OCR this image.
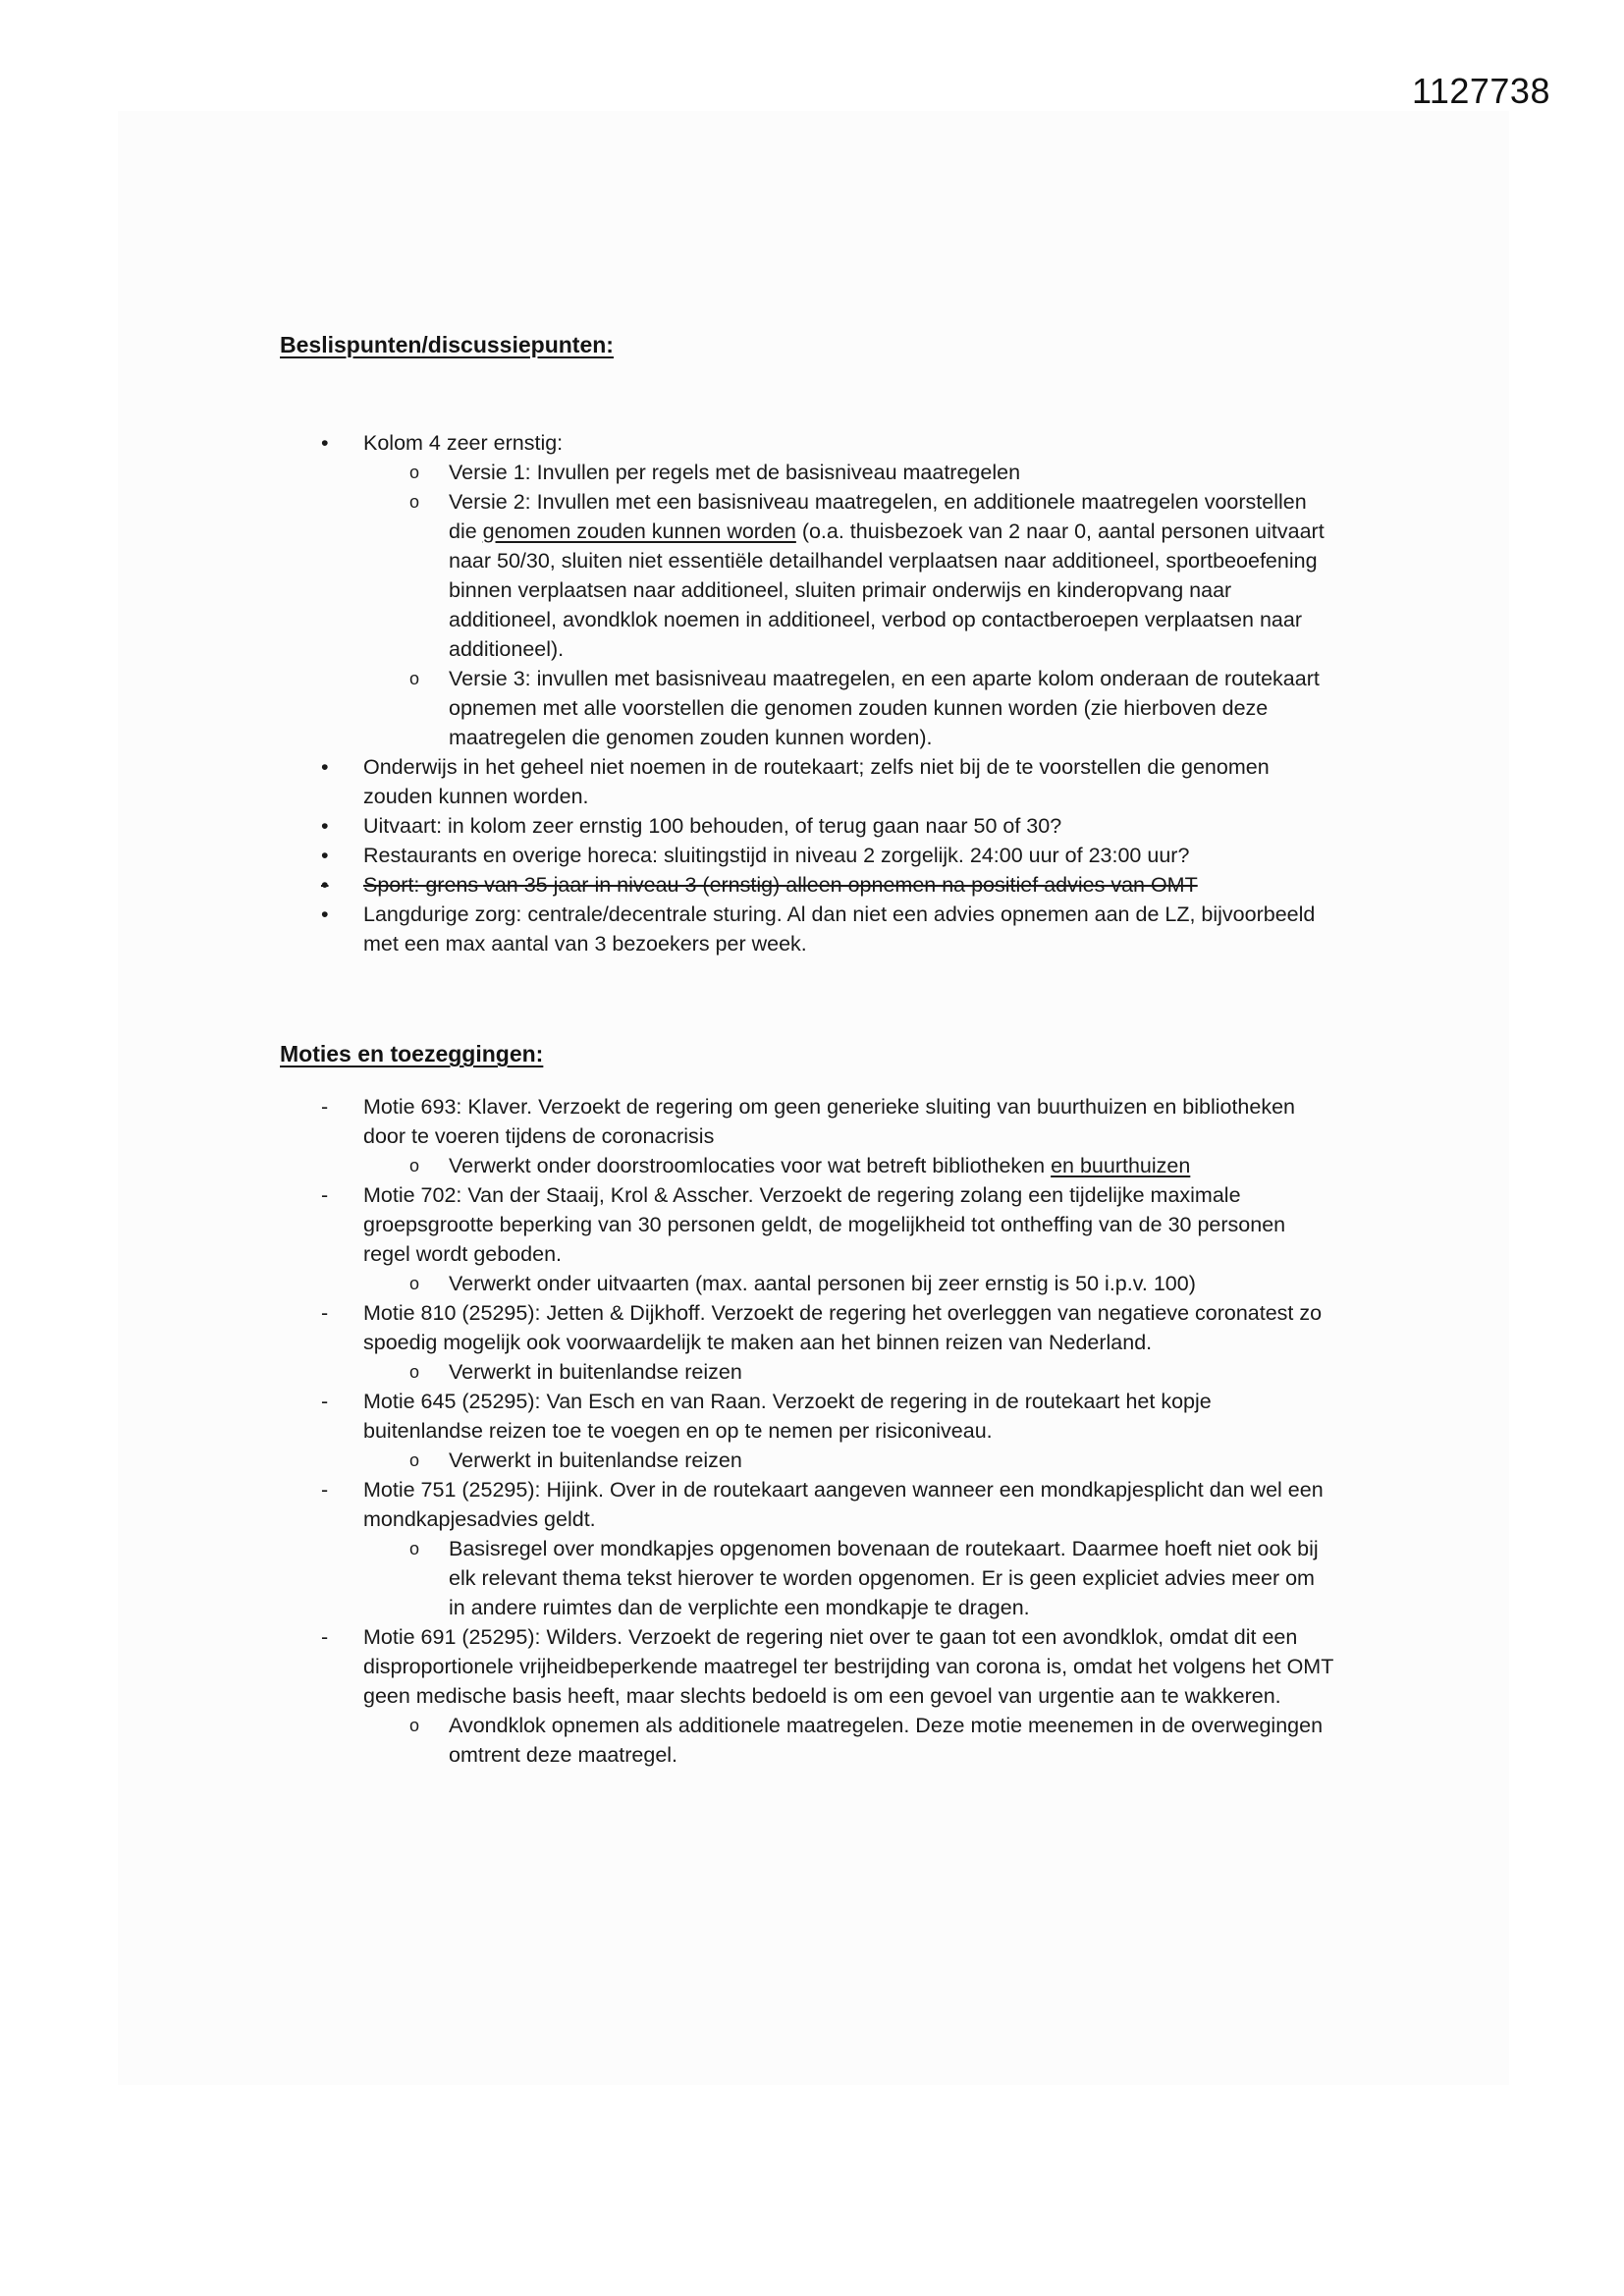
1127738
Beslispunten/discussiepunten:
• Kolom 4 zeer ernstig:
o Versie 1: Invullen per regels met de basisniveau maatregelen
o Versie 2: Invullen met een basisniveau maatregelen, en additionele maatregelen voorstellen die genomen zouden kunnen worden (o.a. thuisbezoek van 2 naar 0, aantal personen uitvaart naar 50/30, sluiten niet essentiële detailhandel verplaatsen naar additioneel, sportbeoefening binnen verplaatsen naar additioneel, sluiten primair onderwijs en kinderopvang naar additioneel, avondklok noemen in additioneel, verbod op contactberoepen verplaatsen naar additioneel).
o Versie 3: invullen met basisniveau maatregelen, en een aparte kolom onderaan de routekaart opnemen met alle voorstellen die genomen zouden kunnen worden (zie hierboven deze maatregelen die genomen zouden kunnen worden).
• Onderwijs in het geheel niet noemen in de routekaart; zelfs niet bij de te voorstellen die genomen zouden kunnen worden.
• Uitvaart: in kolom zeer ernstig 100 behouden, of terug gaan naar 50 of 30?
• Restaurants en overige horeca: sluitingstijd in niveau 2 zorgelijk. 24:00 uur of 23:00 uur?
• Sport: grens van 35 jaar in niveau 3 (ernstig) alleen opnemen na positief advies van OMT
• Langdurige zorg: centrale/decentrale sturing. Al dan niet een advies opnemen aan de LZ, bijvoorbeeld met een max aantal van 3 bezoekers per week.
Moties en toezeggingen:
- Motie 693: Klaver. Verzoekt de regering om geen generieke sluiting van buurthuizen en bibliotheken door te voeren tijdens de coronacrisis
o Verwerkt onder doorstroomlocaties voor wat betreft bibliotheken en buurthuizen
- Motie 702: Van der Staaij, Krol & Asscher. Verzoekt de regering zolang een tijdelijke maximale groepsgrootte beperking van 30 personen geldt, de mogelijkheid tot ontheffing van de 30 personen regel wordt geboden.
o Verwerkt onder uitvaarten (max. aantal personen bij zeer ernstig is 50 i.p.v. 100)
- Motie 810 (25295): Jetten & Dijkhoff. Verzoekt de regering het overleggen van negatieve coronatest zo spoedig mogelijk ook voorwaardelijk te maken aan het binnen reizen van Nederland.
o Verwerkt in buitenlandse reizen
- Motie 645 (25295): Van Esch en van Raan. Verzoekt de regering in de routekaart het kopje buitenlandse reizen toe te voegen en op te nemen per risiconiveau.
o Verwerkt in buitenlandse reizen
- Motie 751 (25295): Hijink. Over in de routekaart aangeven wanneer een mondkapjesplicht dan wel een mondkapjesadvies geldt.
o Basisregel over mondkapjes opgenomen bovenaan de routekaart. Daarmee hoeft niet ook bij elk relevant thema tekst hierover te worden opgenomen. Er is geen expliciet advies meer om in andere ruimtes dan de verplichte een mondkapje te dragen.
- Motie 691 (25295): Wilders. Verzoekt de regering niet over te gaan tot een avondklok, omdat dit een disproportionele vrijheidbeperkende maatregel ter bestrijding van corona is, omdat het volgens het OMT geen medische basis heeft, maar slechts bedoeld is om een gevoel van urgentie aan te wakkeren.
o Avondklok opnemen als additionele maatregelen. Deze motie meenemen in de overwegingen omtrent deze maatregel.
